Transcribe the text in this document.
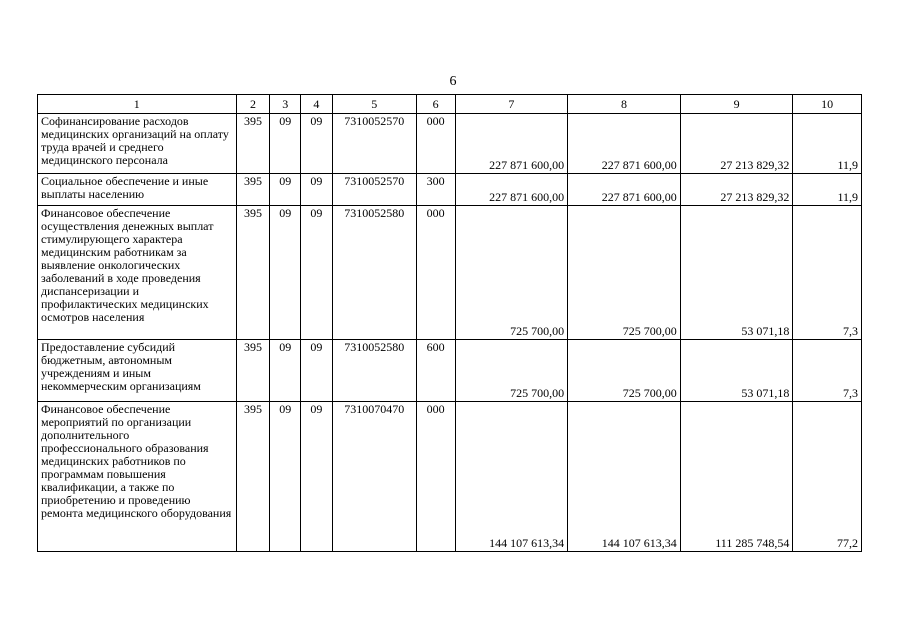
6
1	2	3	4	5	6	7	8	9	10
Софинансирование расходов медицинских организаций на оплату труда врачей и среднего медицинского персонала	395	09	09	7310052570	000	227 871 600,00	227 871 600,00	27 213 829,32	11,9
Социальное обеспечение и иные выплаты населению	395	09	09	7310052570	300	227 871 600,00	227 871 600,00	27 213 829,32	11,9
Финансовое обеспечение осуществления денежных выплат стимулирующего характера медицинским работникам за выявление онкологических заболеваний в ходе проведения диспансеризации и профилактических медицинских осмотров населения	395	09	09	7310052580	000	725 700,00	725 700,00	53 071,18	7,3
Предоставление субсидий бюджетным, автономным учреждениям и иным некоммерческим организациям	395	09	09	7310052580	600	725 700,00	725 700,00	53 071,18	7,3
Финансовое обеспечение мероприятий по организации дополнительного профессионального образования медицинских работников по программам повышения квалификации, а также по приобретению и проведению ремонта медицинского оборудования	395	09	09	7310070470	000	144 107 613,34	144 107 613,34	111 285 748,54	77,2
